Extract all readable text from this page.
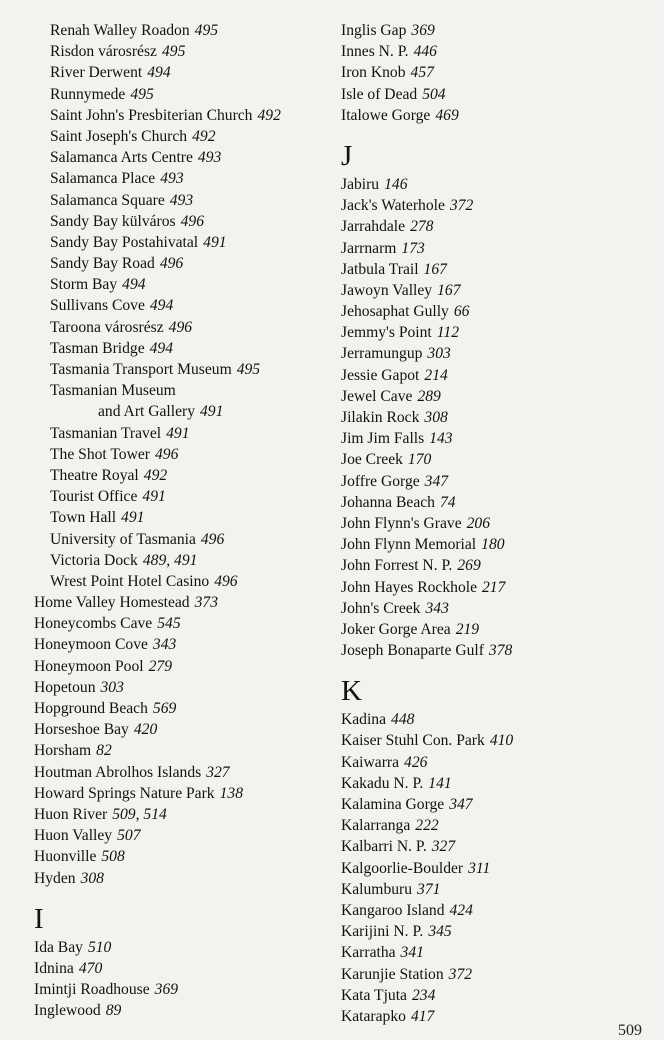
Renah Walley Roadon 495
Risdon városrész 495
River Derwent 494
Runnymede 495
Saint John's Presbiterian Church 492
Saint Joseph's Church 492
Salamanca Arts Centre 493
Salamanca Place 493
Salamanca Square 493
Sandy Bay külváros 496
Sandy Bay Postahivatal 491
Sandy Bay Road 496
Storm Bay 494
Sullivans Cove 494
Taroona városrész 496
Tasman Bridge 494
Tasmania Transport Museum 495
Tasmanian Museum
and Art Gallery 491
Tasmanian Travel 491
The Shot Tower 496
Theatre Royal 492
Tourist Office 491
Town Hall 491
University of Tasmania 496
Victoria Dock 489, 491
Wrest Point Hotel Casino 496
Home Valley Homestead 373
Honeycombs Cave 545
Honeymoon Cove 343
Honeymoon Pool 279
Hopetoun 303
Hopground Beach 569
Horseshoe Bay 420
Horsham 82
Houtman Abrolhos Islands 327
Howard Springs Nature Park 138
Huon River 509, 514
Huon Valley 507
Huonville 508
Hyden 308
I
Ida Bay 510
Idnina 470
Imintji Roadhouse 369
Inglewood 89
Inglis Gap 369
Innes N. P. 446
Iron Knob 457
Isle of Dead 504
Italowe Gorge 469
J
Jabiru 146
Jack's Waterhole 372
Jarrahdale 278
Jarrnarm 173
Jatbula Trail 167
Jawoyn Valley 167
Jehosaphat Gully 66
Jemmy's Point 112
Jerramungup 303
Jessie Gapot 214
Jewel Cave 289
Jilakin Rock 308
Jim Jim Falls 143
Joe Creek 170
Joffre Gorge 347
Johanna Beach 74
John Flynn's Grave 206
John Flynn Memorial 180
John Forrest N. P. 269
John Hayes Rockhole 217
John's Creek 343
Joker Gorge Area 219
Joseph Bonaparte Gulf 378
K
Kadina 448
Kaiser Stuhl Con. Park 410
Kaiwarra 426
Kakadu N. P. 141
Kalamina Gorge 347
Kalarranga 222
Kalbarri N. P. 327
Kalgoorlie-Boulder 311
Kalumburu 371
Kangaroo Island 424
Karijini N. P. 345
Karratha 341
Karunjie Station 372
Kata Tjuta 234
Katarapko 417
509
